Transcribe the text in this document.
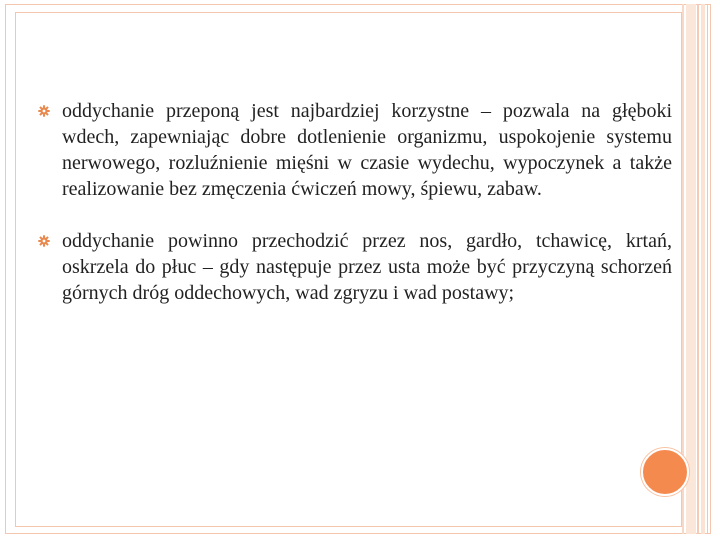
oddychanie przeponą jest najbardziej korzystne – pozwala na głęboki wdech, zapewniając dobre dotlenienie organizmu, uspokojenie systemu nerwowego, rozluźnienie mięśni w czasie wydechu, wypoczynek a także realizowanie bez zmęczenia ćwiczeń mowy, śpiewu, zabaw.
oddychanie powinno przechodzić przez nos, gardło, tchawicę, krtań, oskrzela do płuc – gdy następuje przez usta może być przyczyną schorzeń górnych dróg oddechowych, wad zgryzu i wad postawy;
